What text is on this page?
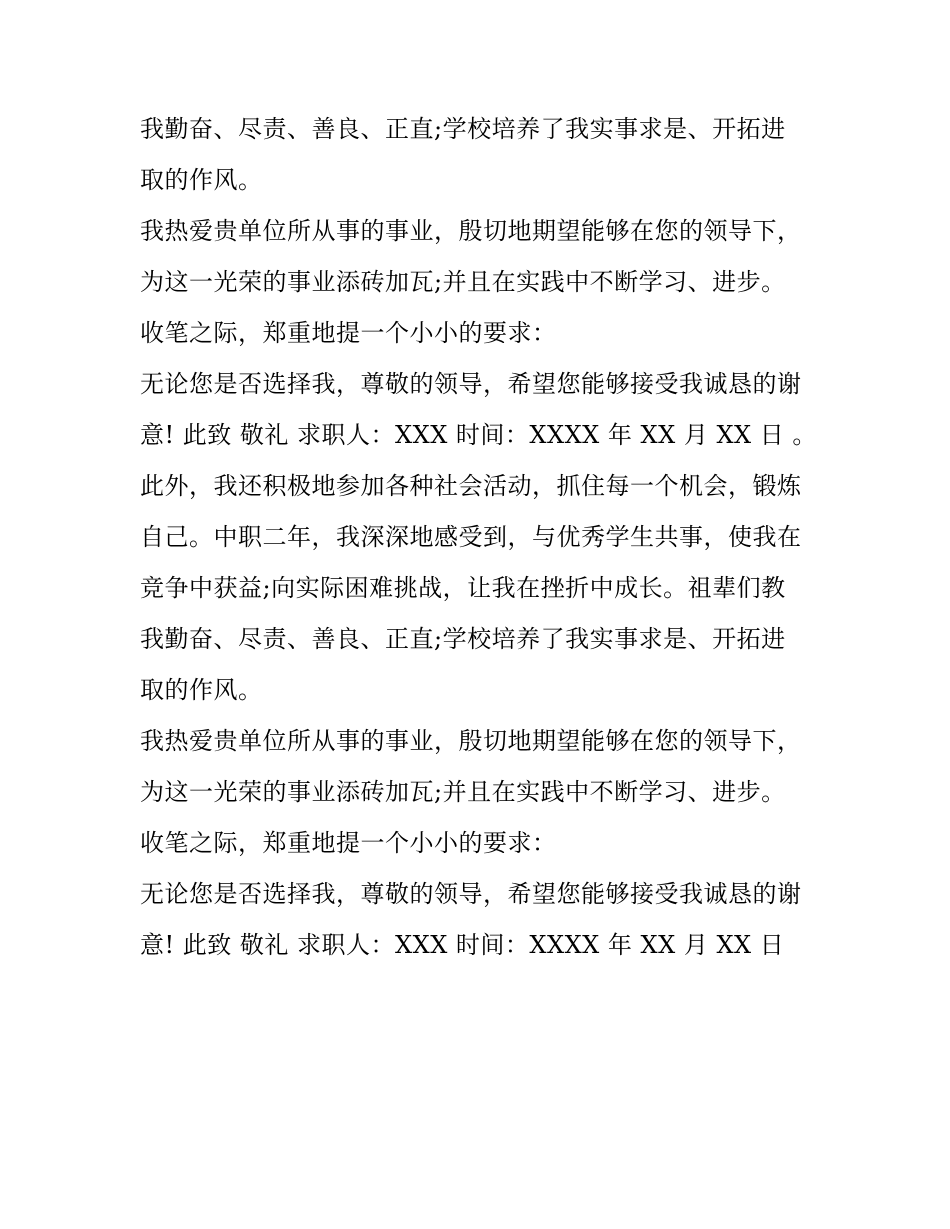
我勤奋、尽责、善良、正直;学校培养了我实事求是、开拓进
取的作风。
我热爱贵单位所从事的事业，殷切地期望能够在您的领导下，
为这一光荣的事业添砖加瓦;并且在实践中不断学习、进步。
收笔之际，郑重地提一个小小的要求：
无论您是否选择我，尊敬的领导，希望您能够接受我诚恳的谢
意! 此致 敬礼 求职人：XXX 时间：XXXX 年 XX 月 XX 日 。
此外，我还积极地参加各种社会活动，抓住每一个机会，锻炼
自己。中职二年，我深深地感受到，与优秀学生共事，使我在
竞争中获益;向实际困难挑战，让我在挫折中成长。祖辈们教
我勤奋、尽责、善良、正直;学校培养了我实事求是、开拓进
取的作风。
我热爱贵单位所从事的事业，殷切地期望能够在您的领导下，
为这一光荣的事业添砖加瓦;并且在实践中不断学习、进步。
收笔之际，郑重地提一个小小的要求：
无论您是否选择我，尊敬的领导，希望您能够接受我诚恳的谢
意! 此致 敬礼 求职人：XXX 时间：XXXX 年 XX 月 XX 日
